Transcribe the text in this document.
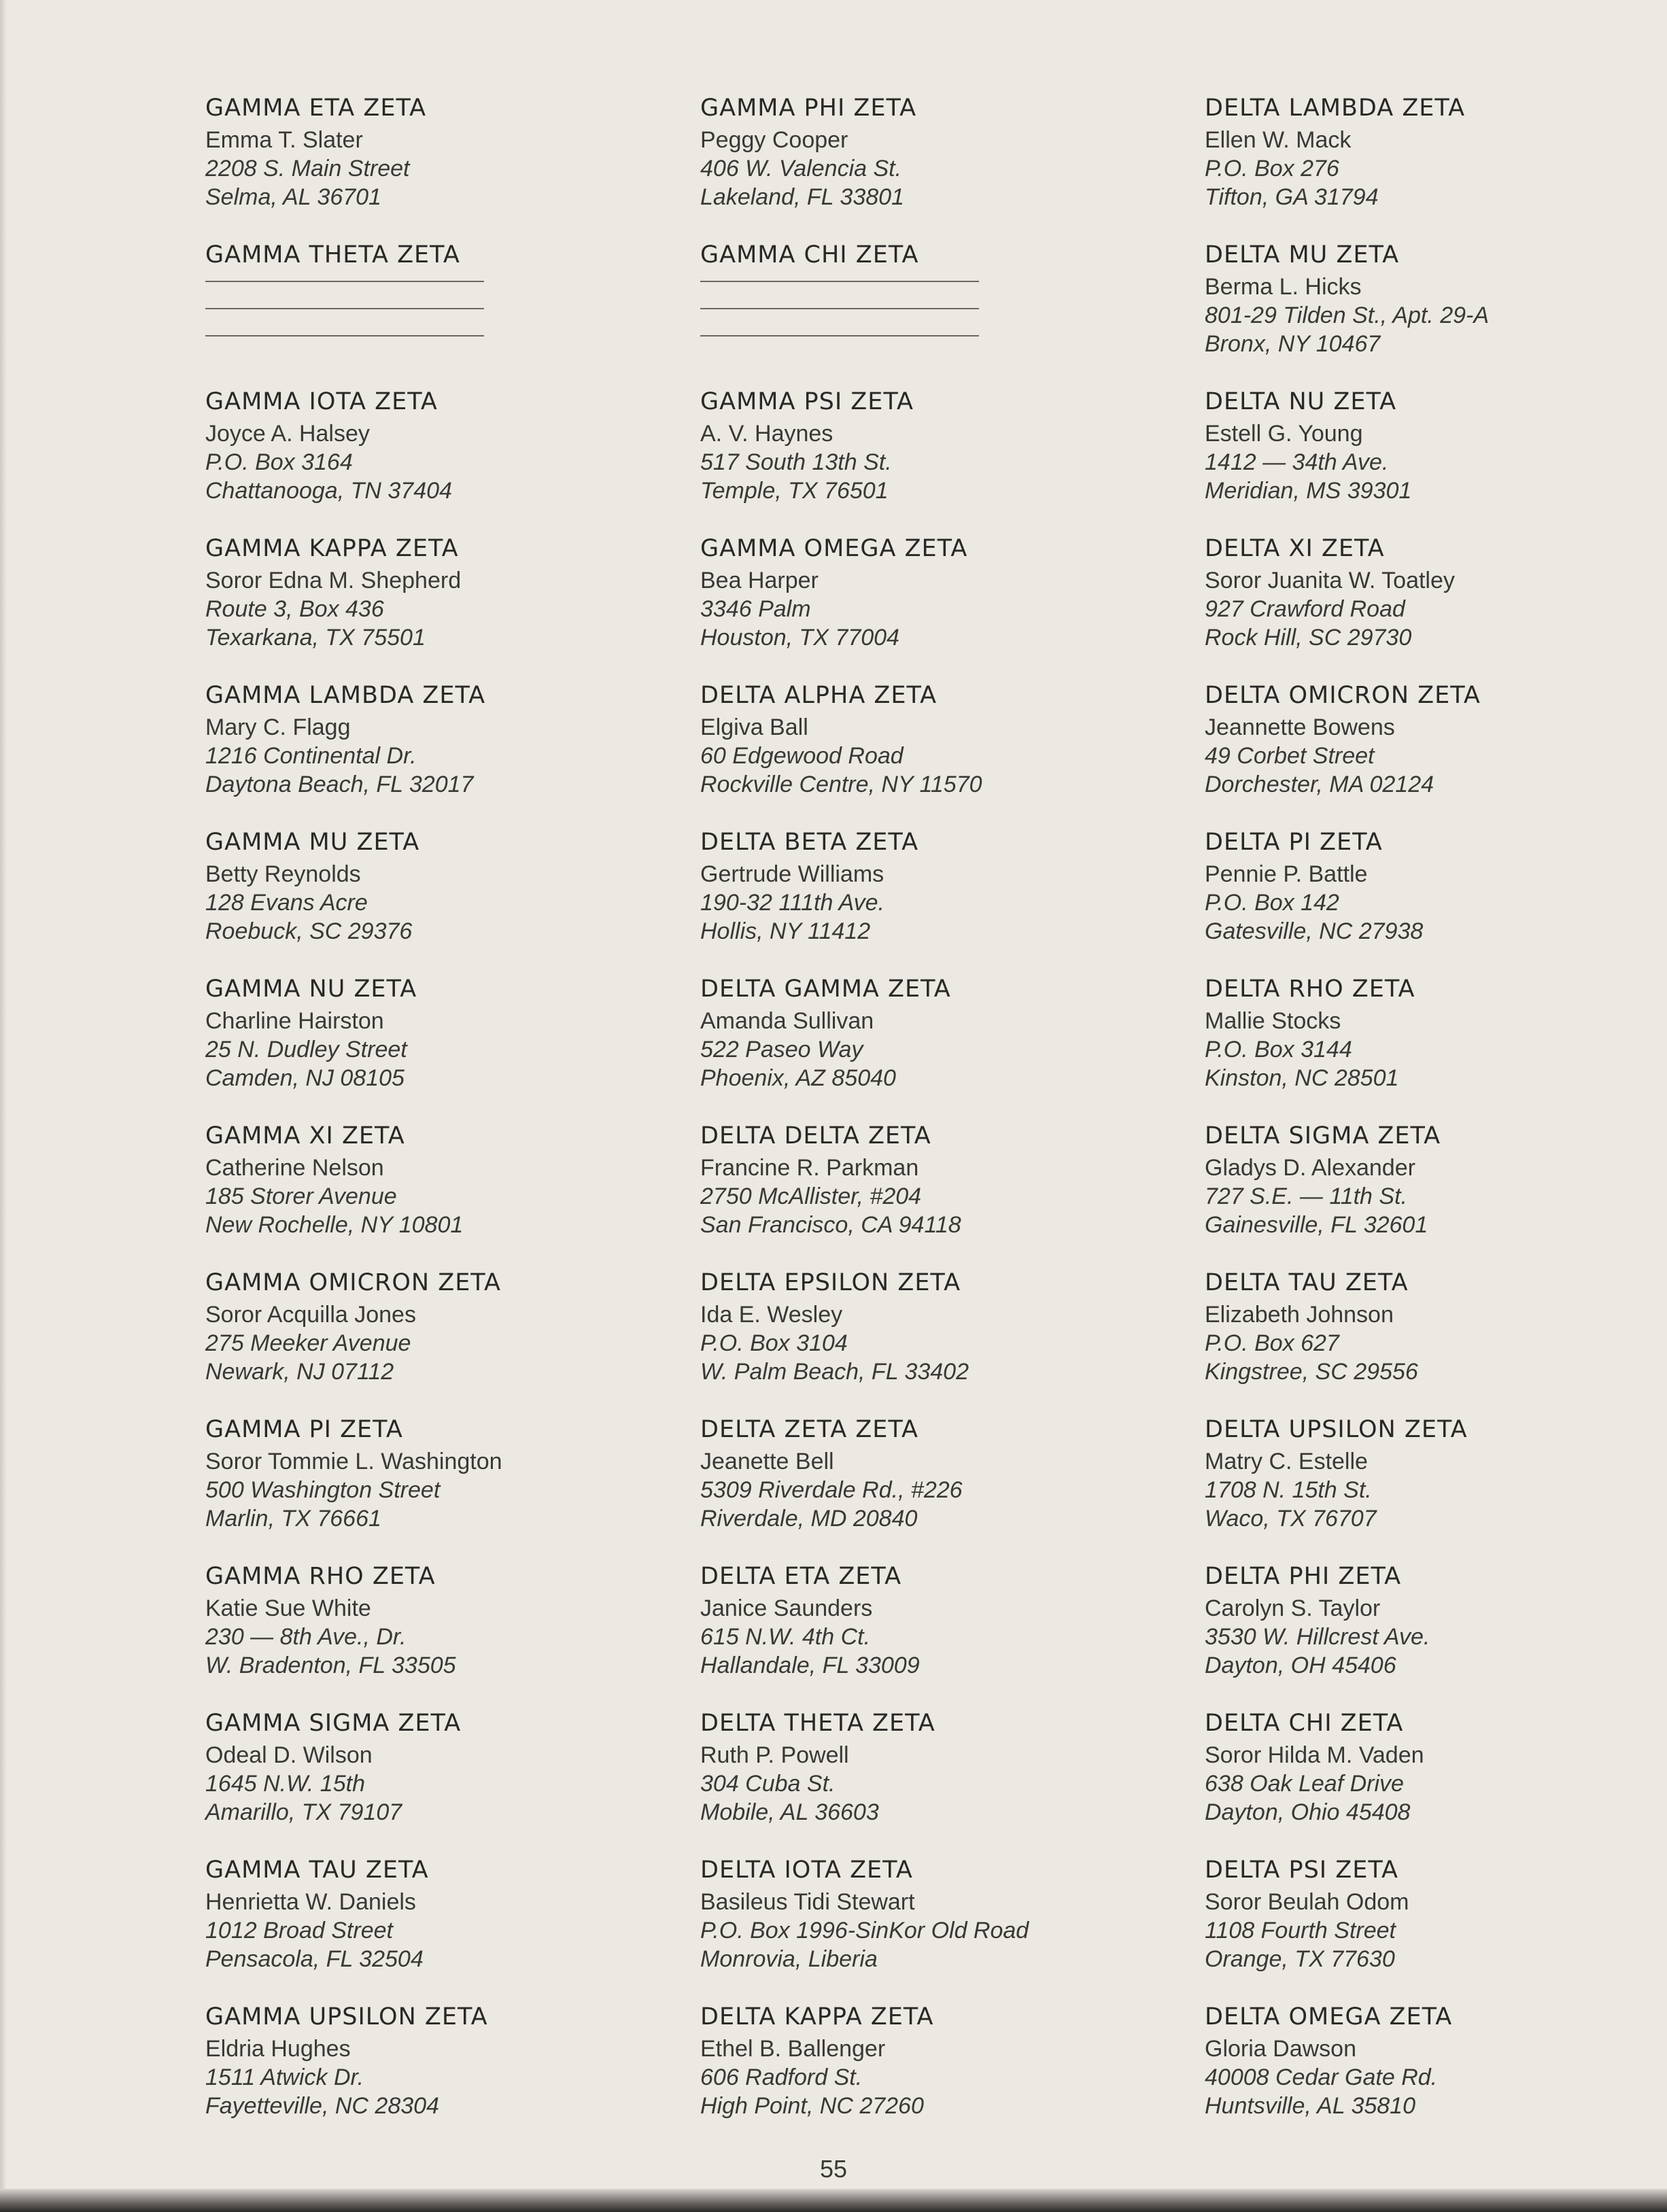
GAMMA ETA ZETA
Emma T. Slater
2208 S. Main Street
Selma, AL 36701
GAMMA THETA ZETA
GAMMA IOTA ZETA
Joyce A. Halsey
P.O. Box 3164
Chattanooga, TN 37404
GAMMA KAPPA ZETA
Soror Edna M. Shepherd
Route 3, Box 436
Texarkana, TX 75501
GAMMA LAMBDA ZETA
Mary C. Flagg
1216 Continental Dr.
Daytona Beach, FL 32017
GAMMA MU ZETA
Betty Reynolds
128 Evans Acre
Roebuck, SC 29376
GAMMA NU ZETA
Charline Hairston
25 N. Dudley Street
Camden, NJ 08105
GAMMA XI ZETA
Catherine Nelson
185 Storer Avenue
New Rochelle, NY 10801
GAMMA OMICRON ZETA
Soror Acquilla Jones
275 Meeker Avenue
Newark, NJ 07112
GAMMA PI ZETA
Soror Tommie L. Washington
500 Washington Street
Marlin, TX 76661
GAMMA RHO ZETA
Katie Sue White
230 — 8th Ave., Dr.
W. Bradenton, FL 33505
GAMMA SIGMA ZETA
Odeal D. Wilson
1645 N.W. 15th
Amarillo, TX 79107
GAMMA TAU ZETA
Henrietta W. Daniels
1012 Broad Street
Pensacola, FL 32504
GAMMA UPSILON ZETA
Eldria Hughes
1511 Atwick Dr.
Fayetteville, NC 28304
GAMMA PHI ZETA
Peggy Cooper
406 W. Valencia St.
Lakeland, FL 33801
GAMMA CHI ZETA
GAMMA PSI ZETA
A. V. Haynes
517 South 13th St.
Temple, TX 76501
GAMMA OMEGA ZETA
Bea Harper
3346 Palm
Houston, TX 77004
DELTA ALPHA ZETA
Elgiva Ball
60 Edgewood Road
Rockville Centre, NY 11570
DELTA BETA ZETA
Gertrude Williams
190-32 111th Ave.
Hollis, NY 11412
DELTA GAMMA ZETA
Amanda Sullivan
522 Paseo Way
Phoenix, AZ 85040
DELTA DELTA ZETA
Francine R. Parkman
2750 McAllister, #204
San Francisco, CA 94118
DELTA EPSILON ZETA
Ida E. Wesley
P.O. Box 3104
W. Palm Beach, FL 33402
DELTA ZETA ZETA
Jeanette Bell
5309 Riverdale Rd., #226
Riverdale, MD 20840
DELTA ETA ZETA
Janice Saunders
615 N.W. 4th Ct.
Hallandale, FL 33009
DELTA THETA ZETA
Ruth P. Powell
304 Cuba St.
Mobile, AL 36603
DELTA IOTA ZETA
Basileus Tidi Stewart
P.O. Box 1996-SinKor Old Road
Monrovia, Liberia
DELTA KAPPA ZETA
Ethel B. Ballenger
606 Radford St.
High Point, NC 27260
DELTA LAMBDA ZETA
Ellen W. Mack
P.O. Box 276
Tifton, GA 31794
DELTA MU ZETA
Berma L. Hicks
801-29 Tilden St., Apt. 29-A
Bronx, NY 10467
DELTA NU ZETA
Estell G. Young
1412 — 34th Ave.
Meridian, MS 39301
DELTA XI ZETA
Soror Juanita W. Toatley
927 Crawford Road
Rock Hill, SC 29730
DELTA OMICRON ZETA
Jeannette Bowens
49 Corbet Street
Dorchester, MA 02124
DELTA PI ZETA
Pennie P. Battle
P.O. Box 142
Gatesville, NC 27938
DELTA RHO ZETA
Mallie Stocks
P.O. Box 3144
Kinston, NC 28501
DELTA SIGMA ZETA
Gladys D. Alexander
727 S.E. — 11th St.
Gainesville, FL 32601
DELTA TAU ZETA
Elizabeth Johnson
P.O. Box 627
Kingstree, SC 29556
DELTA UPSILON ZETA
Matry C. Estelle
1708 N. 15th St.
Waco, TX 76707
DELTA PHI ZETA
Carolyn S. Taylor
3530 W. Hillcrest Ave.
Dayton, OH 45406
DELTA CHI ZETA
Soror Hilda M. Vaden
638 Oak Leaf Drive
Dayton, Ohio 45408
DELTA PSI ZETA
Soror Beulah Odom
1108 Fourth Street
Orange, TX 77630
DELTA OMEGA ZETA
Gloria Dawson
40008 Cedar Gate Rd.
Huntsville, AL 35810
55
